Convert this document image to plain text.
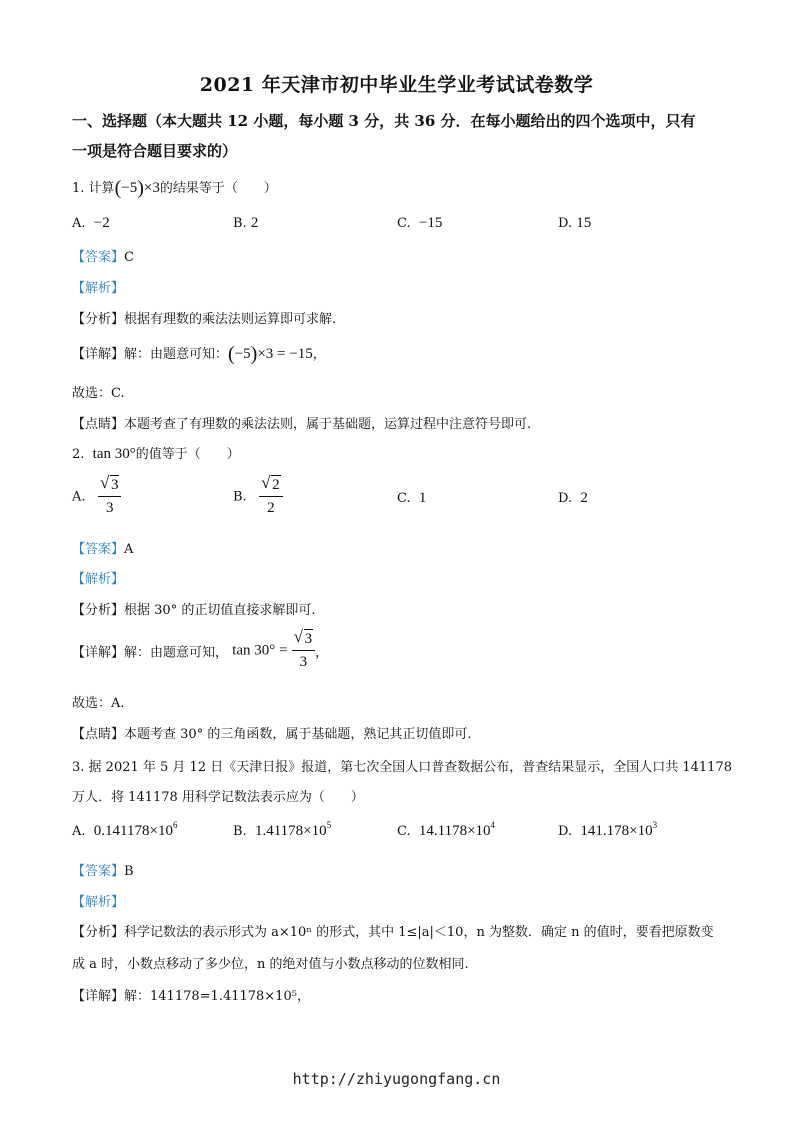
2021 年天津市初中毕业生学业考试试卷数学
一、选择题（本大题共 12 小题，每小题 3 分，共 36 分．在每小题给出的四个选项中，只有
一项是符合题目要求的）
1. 计算(−5)×3的结果等于（　　）
A. −2	B. 2	C. −15	D. 15
【答案】C
【解析】
【分析】根据有理数的乘法法则运算即可求解.
【详解】解：由题意可知：(−5)×3 = −15，
故选：C.
【点睛】本题考查了有理数的乘法法则，属于基础题，运算过程中注意符号即可.
2. tan 30°的值等于（　　）
A. $\frac{√ 3}{3}$	B. $\frac{√ 2}{2}$	C. 1	D. 2
【答案】A
【解析】
【分析】根据 30° 的正切值直接求解即可.
【详解】解：由题意可知， $\tan 30^\circ = \frac{√ 3}{3}$ ，
故选：A.
【点睛】本题考查 30° 的三角函数，属于基础题，熟记其正切值即可.
3. 据 2021 年 5 月 12 日《天津日报》报道，第七次全国人口普查数据公布，普查结果显示，全国人口共 141178
万人．将 141178 用科学记数法表示应为（　　）
A. $0.141178\times 10^6$	B. $1.41178\times 10^5$	C. $14.1178\times 10^4$	D. $141.178\times 10^3$
【答案】B
【解析】
【分析】科学记数法的表示形式为 a×10ⁿ 的形式，其中 1≤|a|＜10，n 为整数．确定 n 的值时，要看把原数变
成 a 时，小数点移动了多少位，n 的绝对值与小数点移动的位数相同.
【详解】解：141178=1.41178×10⁵，
http://zhiyugongfang.cn
